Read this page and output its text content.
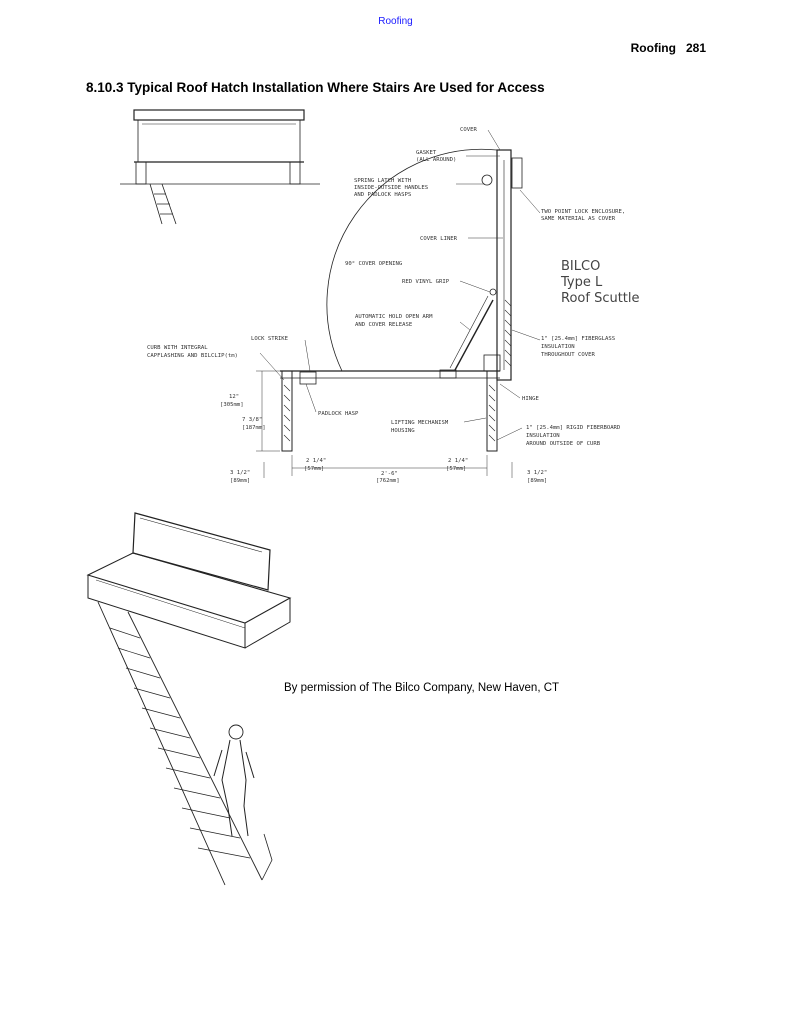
Roofing
Roofing 281
8.10.3 Typical Roof Hatch Installation Where Stairs Are Used for Access
COVER
GASKET
(ALL AROUND)
SPRING LATCH WITH
INSIDE-OUTSIDE HANDLES
AND PADLOCK HASPS
TWO POINT LOCK ENCLOSURE,
SAME MATERIAL AS COVER
COVER LINER
90° COVER OPENING
RED VINYL GRIP
BILCO
Type L
Roof Scuttle
AUTOMATIC HOLD OPEN ARM
AND COVER RELEASE
LOCK STRIKE
CURB WITH INTEGRAL
CAPFLASHING AND BILCLIP(tm)
1" [25.4mm] FIBERGLASS
INSULATION
THROUGHOUT COVER
PADLOCK HASP
LIFTING MECHANISM
HOUSING
HINGE
1" [25.4mm] RIGID FIBERBOARD
INSULATION
AROUND OUTSIDE OF CURB
12"
[305mm]
7 3/8"
[187mm]
2 1/4"
[57mm]
2 1/4"
[57mm]
2'-6"
[762mm]
3 1/2"
[89mm]
3 1/2"
[89mm]
By permission of The Bilco Company, New Haven, CT
